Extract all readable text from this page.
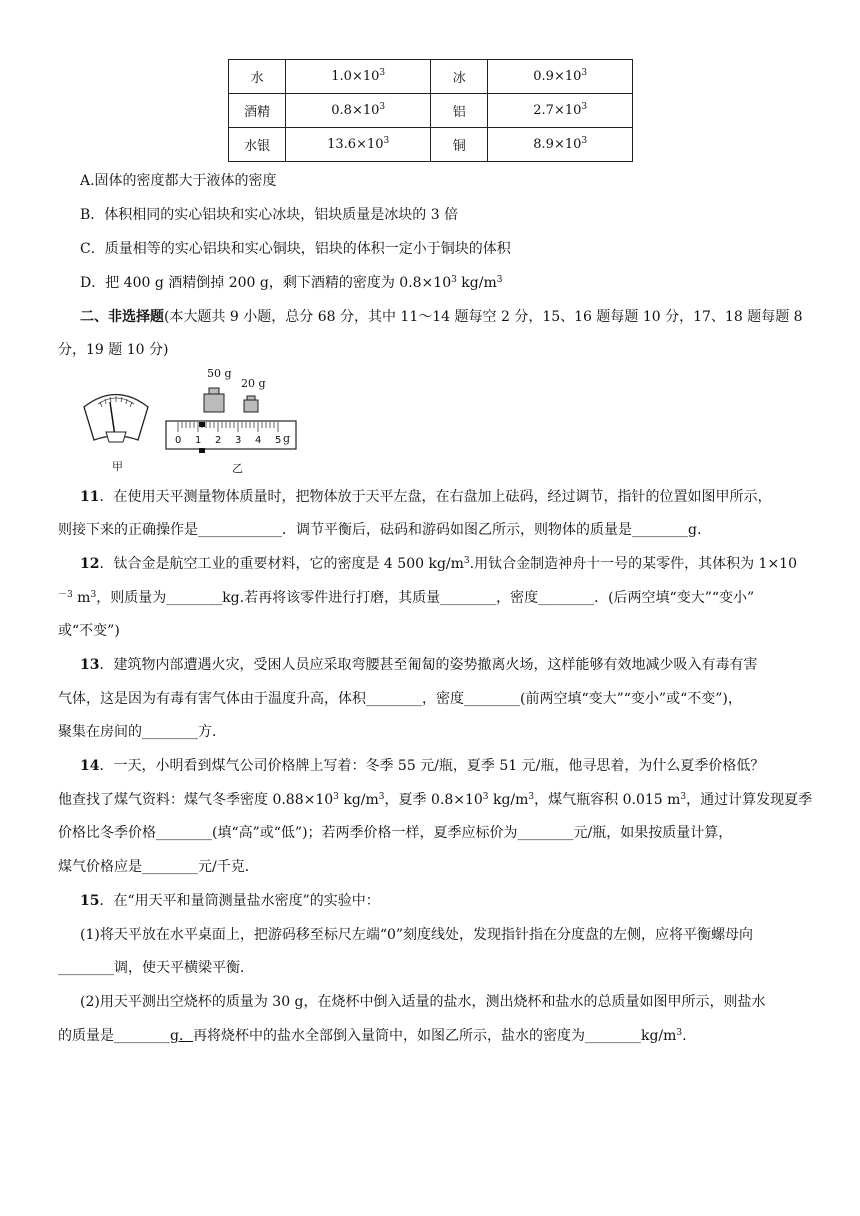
水	$1.0\times 10^3$	冰	$0.9\times 10^3$
酒精	$0.8\times 10^3$	铝	$2.7\times 10^3$
水银	$13.6\times 10^3$	铜	$8.9\times 10^3$
A.固体的密度都大于液体的密度
B．体积相同的实心铝块和实心冰块，铝块质量是冰块的 3 倍
C．质量相等的实心铝块和实心铜块，铝块的体积一定小于铜块的体积
D．把 400 g 酒精倒掉 200 g，剩下酒精的密度为 $0.8\times 10^3$ $kg/m^3$
二、非选择题(本大题共 9 小题，总分 68 分，其中 11～14 题每空 2 分，15、16 题每题 10 分，17、18 题每题 8
分，19 题 10 分)
0 1 2 3 4 5
50 g
20 g
g
甲	乙
11．在使用天平测量物体质量时，把物体放于天平左盘，在右盘加上砝码，经过调节，指针的位置如图甲所示，
则接下来的正确操作是____________．调节平衡后，砝码和游码如图乙所示，则物体的质量是________g.
12．钛合金是航空工业的重要材料，它的密度是 4 500 $kg/m^3$.用钛合金制造神舟十一号的某零件，其体积为 1×10
$^{-3}$ $m^3$，则质量为________kg.若再将该零件进行打磨，其质量________，密度________．(后两空填“变大”“变小”
或“不变”)
13．建筑物内部遭遇火灾，受困人员应采取弯腰甚至匍匐的姿势撤离火场，这样能够有效地减少吸入有毒有害
气体，这是因为有毒有害气体由于温度升高，体积________，密度________(前两空填“变大”“变小”或“不变”)，
聚集在房间的________方．
14．一天，小明看到煤气公司价格牌上写着：冬季 55 元/瓶，夏季 51 元/瓶，他寻思着，为什么夏季价格低？
他查找了煤气资料：煤气冬季密度 $0.88\times 10^3$ $kg/m^3$，夏季 $0.8\times 10^3$ $kg/m^3$，煤气瓶容积 0.015 $m^3$，通过计算发现夏季
价格比冬季价格________(填“高”或“低”)；若两季价格一样，夏季应标价为________元/瓶，如果按质量计算，
煤气价格应是________元/千克．
15．在“用天平和量筒测量盐水密度”的实验中：
(1)将天平放在水平桌面上，把游码移至标尺左端“0”刻度线处，发现指针指在分度盘的左侧，应将平衡螺母向
________调，使天平横梁平衡．
(2)用天平测出空烧杯的质量为 30 g，在烧杯中倒入适量的盐水，测出烧杯和盐水的总质量如图甲所示，则盐水
的质量是________g．再将烧杯中的盐水全部倒入量筒中，如图乙所示，盐水的密度为$\_\_\_\_\_\_\_\_kg/m^3$.
